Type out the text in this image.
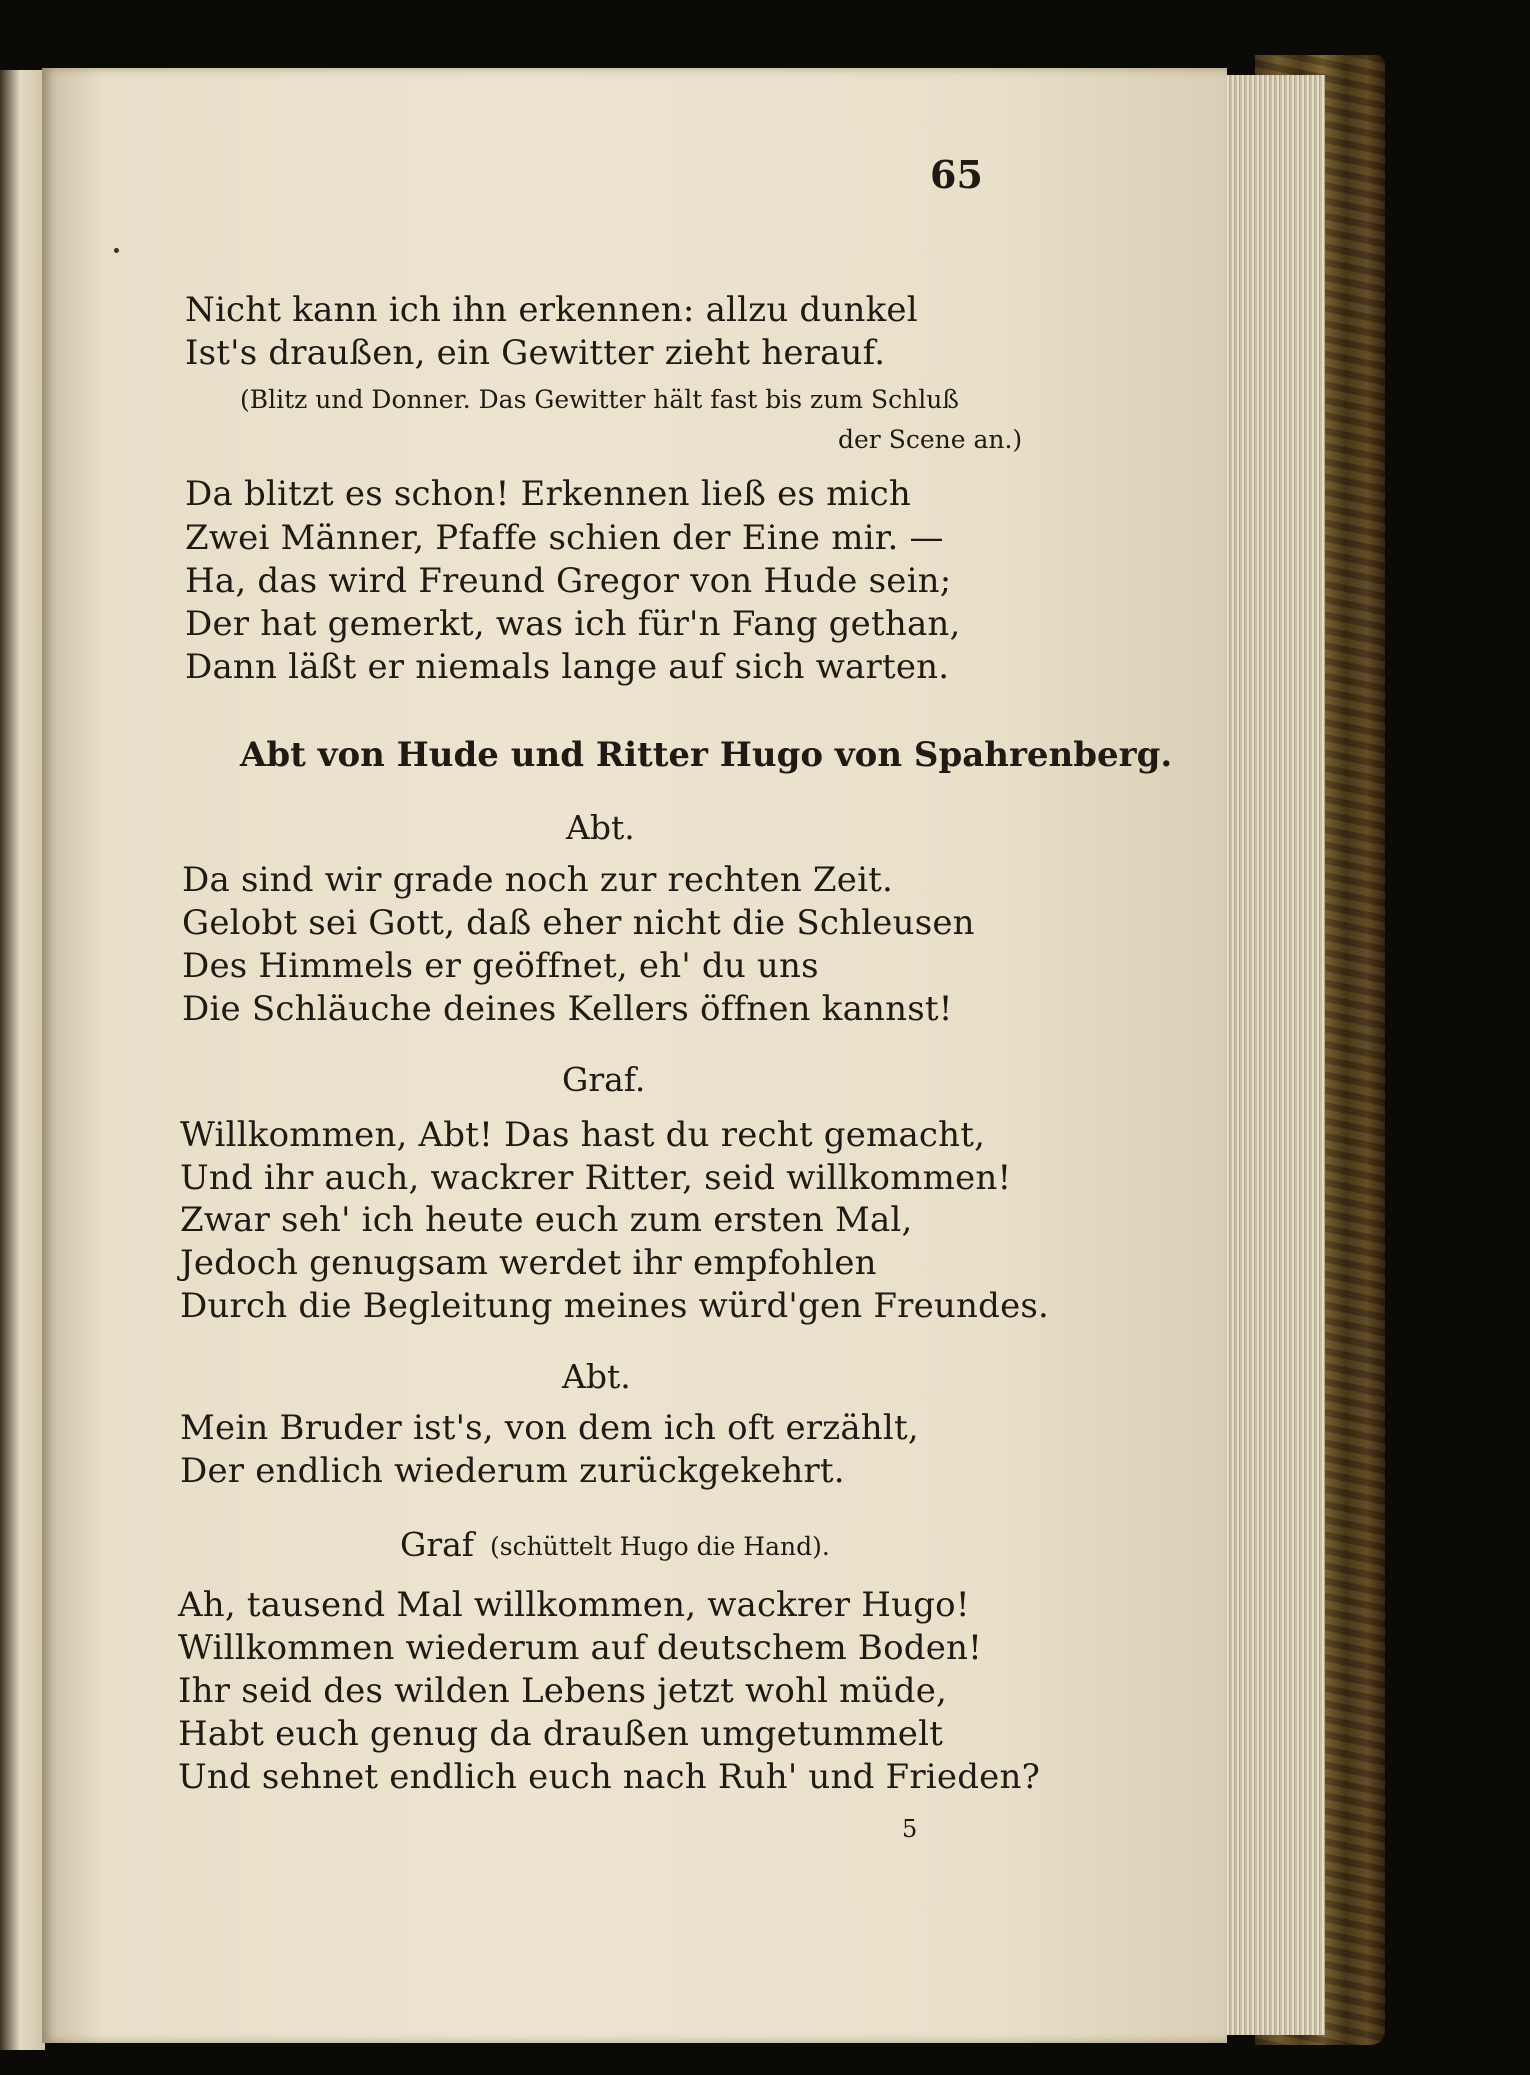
65
Nicht kann ich ihn erkennen: allzu dunkel
Ist's draußen, ein Gewitter zieht herauf.
(Blitz und Donner. Das Gewitter hält fast bis zum Schluß
der Scene an.)
Da blitzt es schon! Erkennen ließ es mich
Zwei Männer, Pfaffe schien der Eine mir. —
Ha, das wird Freund Gregor von Hude sein;
Der hat gemerkt, was ich für'n Fang gethan,
Dann läßt er niemals lange auf sich warten.
Abt von Hude und Ritter Hugo von Spahrenberg.
Abt.
Da sind wir grade noch zur rechten Zeit.
Gelobt sei Gott, daß eher nicht die Schleusen
Des Himmels er geöffnet, eh' du uns
Die Schläuche deines Kellers öffnen kannst!
Graf.
Willkommen, Abt! Das hast du recht gemacht,
Und ihr auch, wackrer Ritter, seid willkommen!
Zwar seh' ich heute euch zum ersten Mal,
Jedoch genugsam werdet ihr empfohlen
Durch die Begleitung meines würd'gen Freundes.
Abt.
Mein Bruder ist's, von dem ich oft erzählt,
Der endlich wiederum zurückgekehrt.
Graf (schüttelt Hugo die Hand).
Ah, tausend Mal willkommen, wackrer Hugo!
Willkommen wiederum auf deutschem Boden!
Ihr seid des wilden Lebens jetzt wohl müde,
Habt euch genug da draußen umgetummelt
Und sehnet endlich euch nach Ruh' und Frieden?
5
